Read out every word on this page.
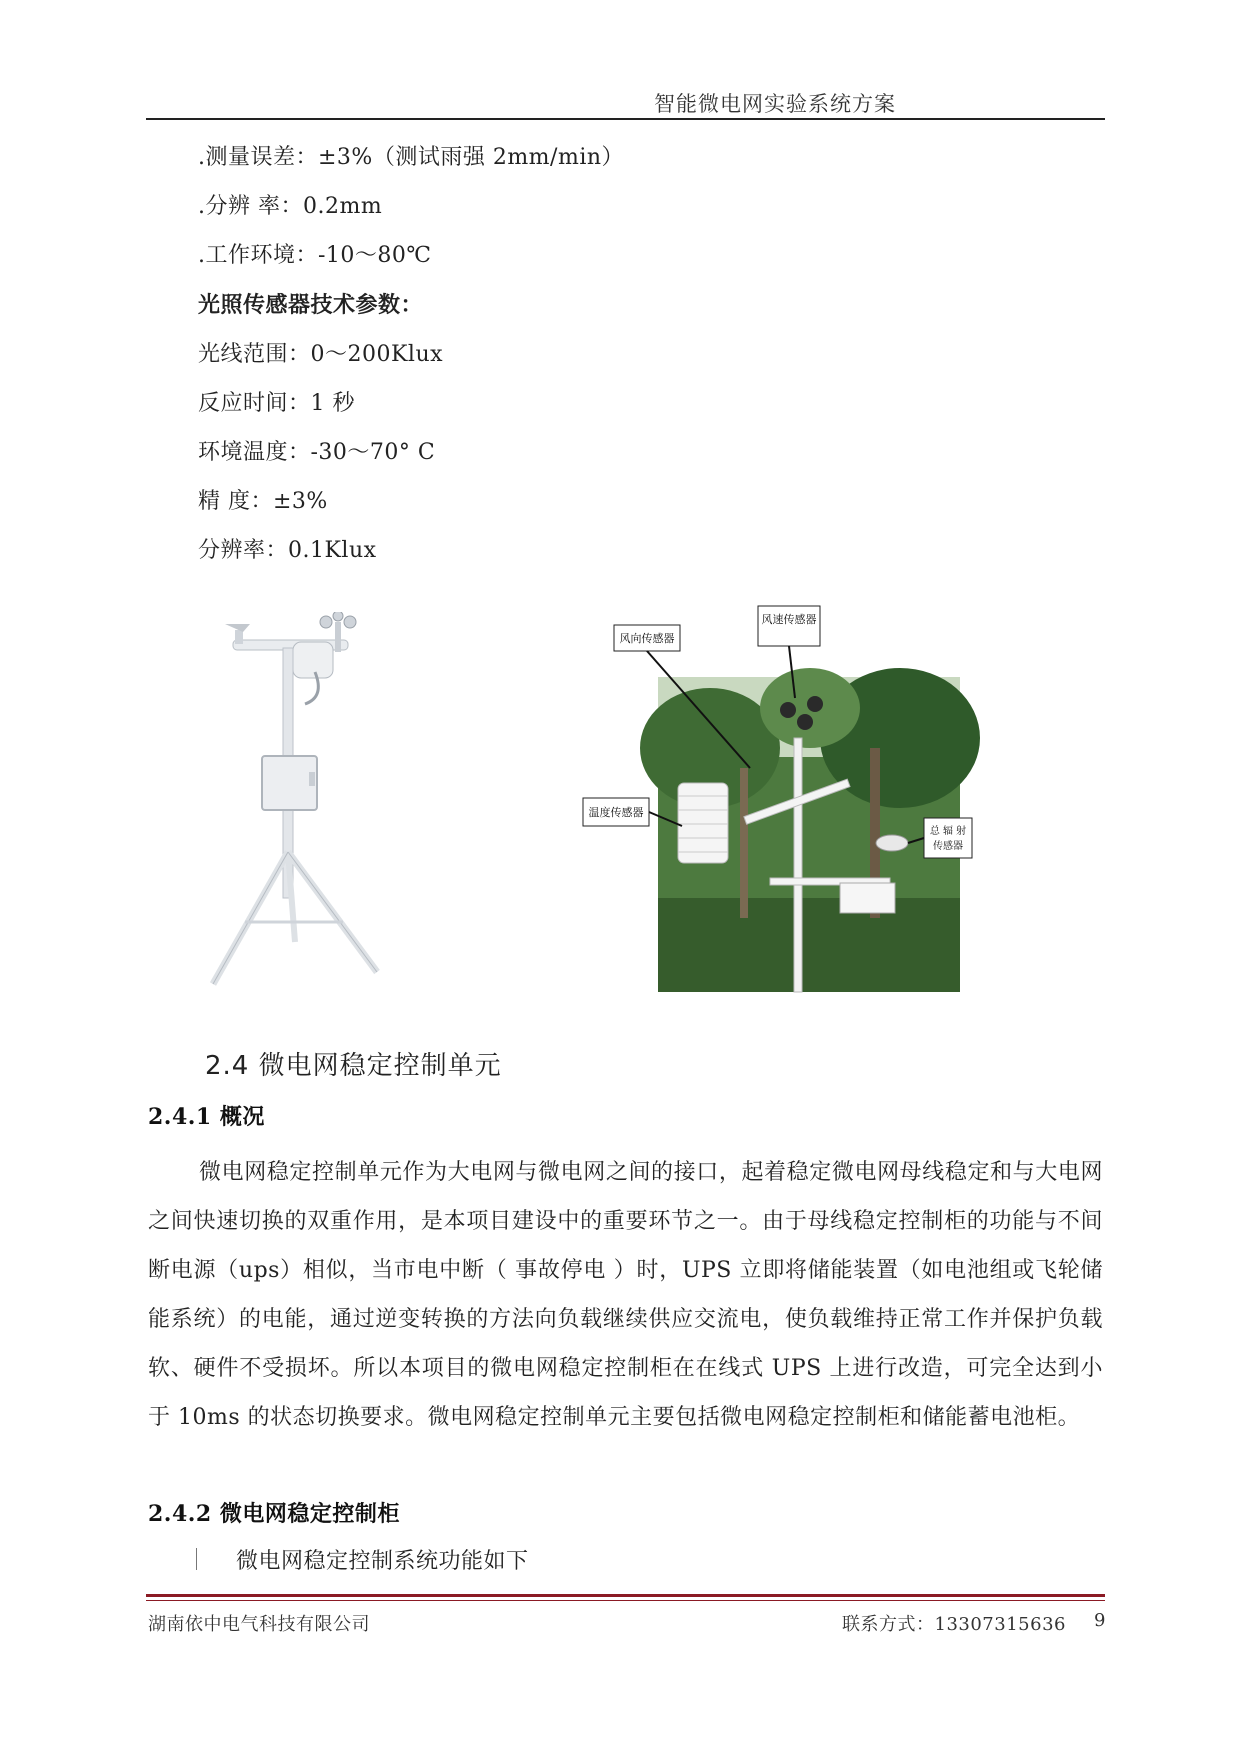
智能微电网实验系统方案
.测量误差：±3%（测试雨强 2mm/min）
.分辨 率：0.2mm
.工作环境：-10～80℃
光照传感器技术参数：
光线范围：0～200Klux
反应时间：1 秒
环境温度：-30～70° C
精 度：±3%
分辨率：0.1Klux
风向传感器
风速传感器
温度传感器
总 辐 射
传感器
2.4 微电网稳定控制单元
2.4.1 概况
微电网稳定控制单元作为大电网与微电网之间的接口，起着稳定微电网母线稳定和与大电网之间快速切换的双重作用，是本项目建设中的重要环节之一。由于母线稳定控制柜的功能与不间断电源（ups）相似，当市电中断（ 事故停电 ）时，UPS 立即将储能装置（如电池组或飞轮储能系统）的电能，通过逆变转换的方法向负载继续供应交流电，使负载维持正常工作并保护负载软、硬件不受损坏。所以本项目的微电网稳定控制柜在在线式 UPS 上进行改造，可完全达到小于 10ms 的状态切换要求。微电网稳定控制单元主要包括微电网稳定控制柜和储能蓄电池柜。
2.4.2 微电网稳定控制柜
微电网稳定控制系统功能如下
湖南依中电气科技有限公司	联系方式：13307315636 9
